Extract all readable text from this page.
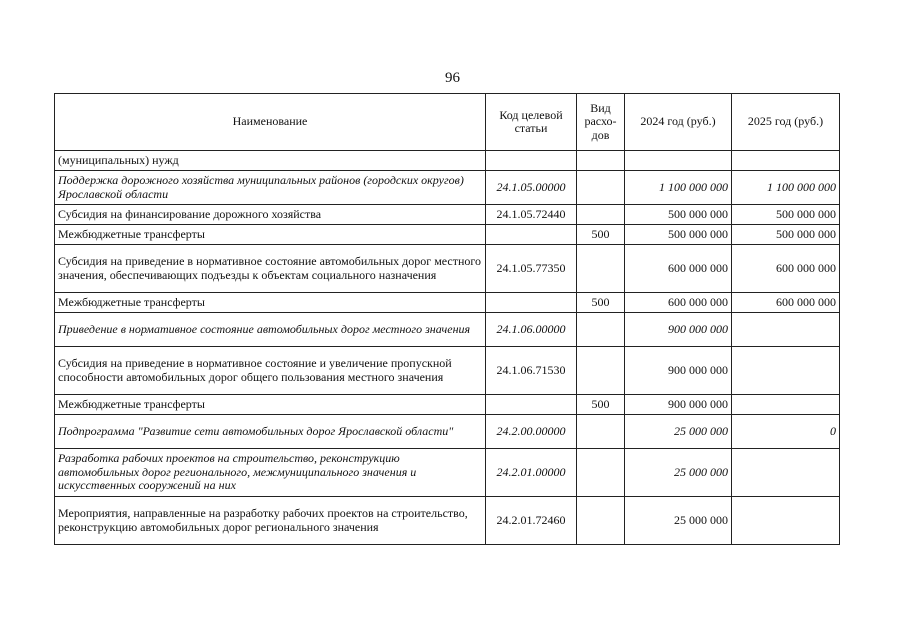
96
Наименование	Код целевой статьи	Вид расхо-дов	2024 год (руб.)	2025 год (руб.)
(муниципальных) нужд				
Поддержка дорожного хозяйства муниципальных районов (городских округов) Ярославской области	24.1.05.00000		1 100 000 000	1 100 000 000
Субсидия на финансирование дорожного хозяйства	24.1.05.72440		500 000 000	500 000 000
Межбюджетные трансферты		500	500 000 000	500 000 000
Субсидия на приведение в нормативное состояние автомобильных дорог местного значения, обеспечивающих подъезды к объектам социального назначения	24.1.05.77350		600 000 000	600 000 000
Межбюджетные трансферты		500	600 000 000	600 000 000
Приведение в нормативное состояние автомобильных дорог местного значения	24.1.06.00000		900 000 000	
Субсидия на приведение в нормативное состояние и увеличение пропускной способности автомобильных дорог общего пользования местного значения	24.1.06.71530		900 000 000	
Межбюджетные трансферты		500	900 000 000	
Подпрограмма "Развитие сети автомобильных дорог Ярославской области"	24.2.00.00000		25 000 000	0
Разработка рабочих проектов на строительство, реконструкцию автомобильных дорог регионального, межмуниципального значения и искусственных сооружений на них	24.2.01.00000		25 000 000	
Мероприятия, направленные на разработку рабочих проектов на строительство, реконструкцию автомобильных дорог регионального значения	24.2.01.72460		25 000 000	
